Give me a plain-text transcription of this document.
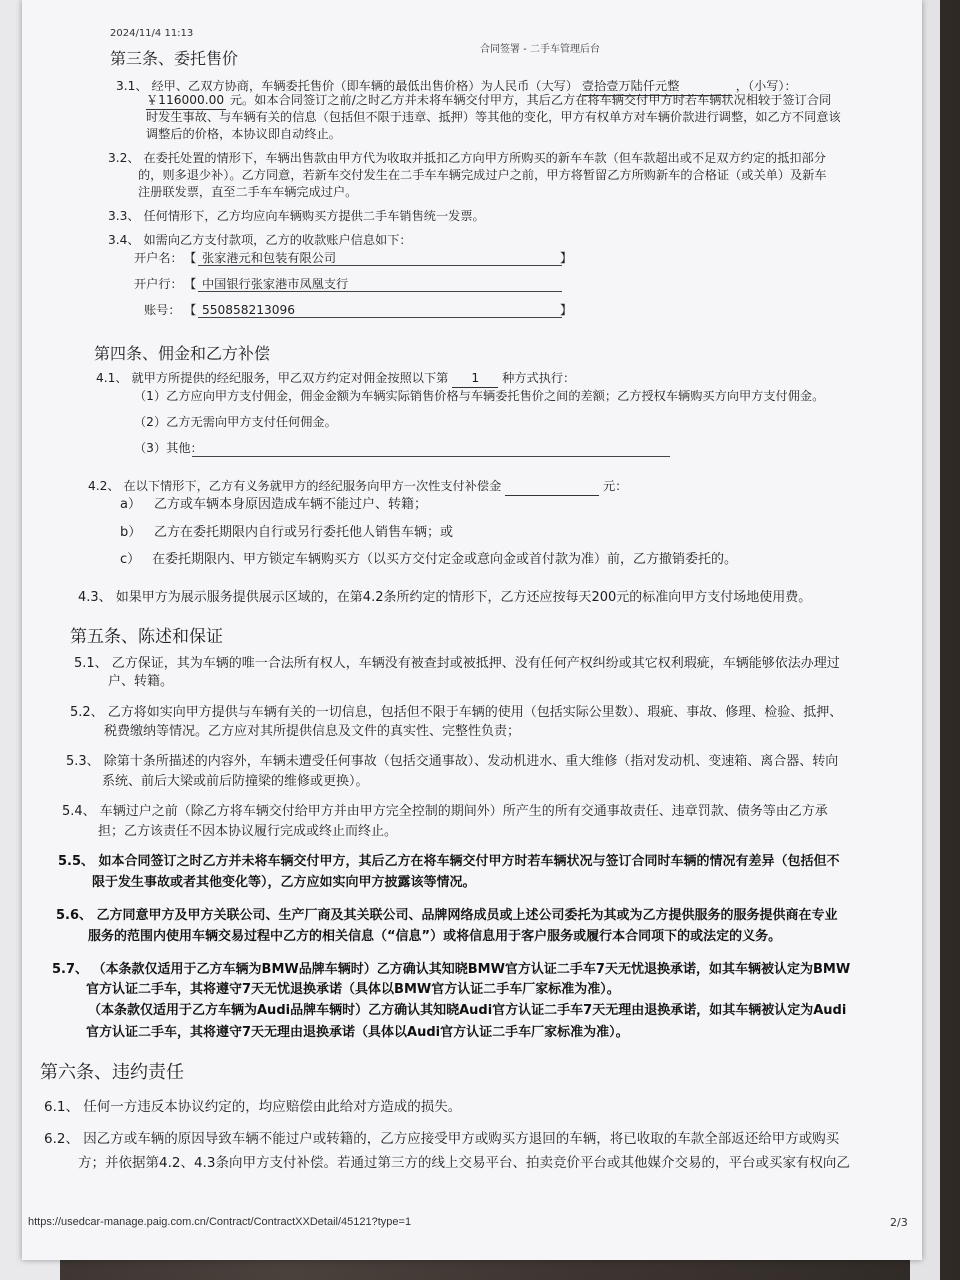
2024/11/4 11:13
合同签署 - 二手车管理后台
第三条、委托售价
3.1、 经甲、乙双方协商，车辆委托售价（即车辆的最低出售价格）为人民币（大写） 壹拾壹万陆仟元整	，（小写）：
￥116000.00 元。如本合同签订之前/之时乙方并未将车辆交付甲方，其后乙方在将车辆交付甲方时若车辆状况相较于签订合同
时发生事故、与车辆有关的信息（包括但不限于违章、抵押）等其他的变化，甲方有权单方对车辆价款进行调整，如乙方不同意该
调整后的价格，本协议即自动终止。
3.2、 在委托处置的情形下，车辆出售款由甲方代为收取并抵扣乙方向甲方所购买的新车车款（但车款超出或不足双方约定的抵扣部分
的，则多退少补）。乙方同意，若新车交付发生在二手车车辆完成过户之前，甲方将暂留乙方所购新车的合格证（或关单）及新车
注册联发票，直至二手车车辆完成过户。
3.3、 任何情形下，乙方均应向车辆购买方提供二手车销售统一发票。
3.4、 如需向乙方支付款项，乙方的收款账户信息如下：
开户名： 【 张家港元和包装有限公司	】
开户行： 【 中国银行张家港市凤凰支行
账号： 【 550858213096	】
第四条、佣金和乙方补偿
4.1、 就甲方所提供的经纪服务，甲乙双方约定对佣金按照以下第 1 种方式执行：
（1）乙方应向甲方支付佣金，佣金金额为车辆实际销售价格与车辆委托售价之间的差额；乙方授权车辆购买方向甲方支付佣金。
（2）乙方无需向甲方支付任何佣金。
（3）其他：
4.2、 在以下情形下，乙方有义务就甲方的经纪服务向甲方一次性支付补偿金	元：
a） 乙方或车辆本身原因造成车辆不能过户、转籍；
b） 乙方在委托期限内自行或另行委托他人销售车辆；或
c） 在委托期限内、甲方锁定车辆购买方（以买方交付定金或意向金或首付款为准）前，乙方撤销委托的。
4.3、 如果甲方为展示服务提供展示区域的，在第4.2条所约定的情形下，乙方还应按每天200元的标准向甲方支付场地使用费。
第五条、陈述和保证
5.1、 乙方保证，其为车辆的唯一合法所有权人，车辆没有被查封或被抵押、没有任何产权纠纷或其它权利瑕疵，车辆能够依法办理过
户、转籍。
5.2、 乙方将如实向甲方提供与车辆有关的一切信息，包括但不限于车辆的使用（包括实际公里数）、瑕疵、事故、修理、检验、抵押、
税费缴纳等情况。乙方应对其所提供信息及文件的真实性、完整性负责；
5.3、 除第十条所描述的内容外，车辆未遭受任何事故（包括交通事故）、发动机进水、重大维修（指对发动机、变速箱、离合器、转向
系统、前后大梁或前后防撞梁的维修或更换）。
5.4、 车辆过户之前（除乙方将车辆交付给甲方并由甲方完全控制的期间外）所产生的所有交通事故责任、违章罚款、债务等由乙方承
担；乙方该责任不因本协议履行完成或终止而终止。
5.5、 如本合同签订之时乙方并未将车辆交付甲方，其后乙方在将车辆交付甲方时若车辆状况与签订合同时车辆的情况有差异（包括但不
限于发生事故或者其他变化等），乙方应如实向甲方披露该等情况。
5.6、 乙方同意甲方及甲方关联公司、生产厂商及其关联公司、品牌网络成员或上述公司委托为其或为乙方提供服务的服务提供商在专业
服务的范围内使用车辆交易过程中乙方的相关信息（“信息”）或将信息用于客户服务或履行本合同项下的或法定的义务。
5.7、 （本条款仅适用于乙方车辆为BMW品牌车辆时）乙方确认其知晓BMW官方认证二手车7天无忧退换承诺，如其车辆被认定为BMW
官方认证二手车，其将遵守7天无忧退换承诺（具体以BMW官方认证二手车厂家标准为准）。
（本条款仅适用于乙方车辆为Audi品牌车辆时）乙方确认其知晓Audi官方认证二手车7天无理由退换承诺，如其车辆被认定为Audi
官方认证二手车，其将遵守7天无理由退换承诺（具体以Audi官方认证二手车厂家标准为准）。
第六条、违约责任
6.1、 任何一方违反本协议约定的，均应赔偿由此给对方造成的损失。
6.2、 因乙方或车辆的原因导致车辆不能过户或转籍的，乙方应接受甲方或购买方退回的车辆，将已收取的车款全部返还给甲方或购买
方；并依据第4.2、4.3条向甲方支付补偿。若通过第三方的线上交易平台、拍卖竞价平台或其他媒介交易的，平台或买家有权向乙
https://usedcar-manage.paig.com.cn/Contract/ContractXXDetail/45121?type=1	2/3
